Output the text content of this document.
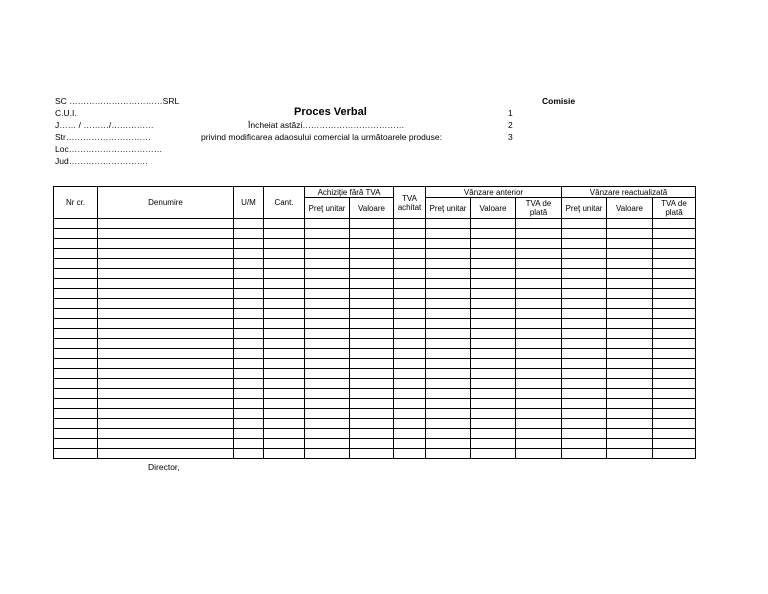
SC ……………………………SRL
C.U.I.
J…… / ………/……………
Str…………………………
Loc……………………………
Jud……………………….
Proces Verbal
Încheiat astăzi………………………………
privind modificarea adaosului comercial la următoarele produse:
Comisie
1
2
3
Nr cr.	Denumire	U/M	Cant.	Achiziţie fără TVA		TVA achitat	Vânzare anterior			Vânzare reactualizată		
				Preţ unitar	Valoare		Preţ unitar	Valoare	TVA de plată	Preţ unitar	Valoare	TVA de plată

Director,
